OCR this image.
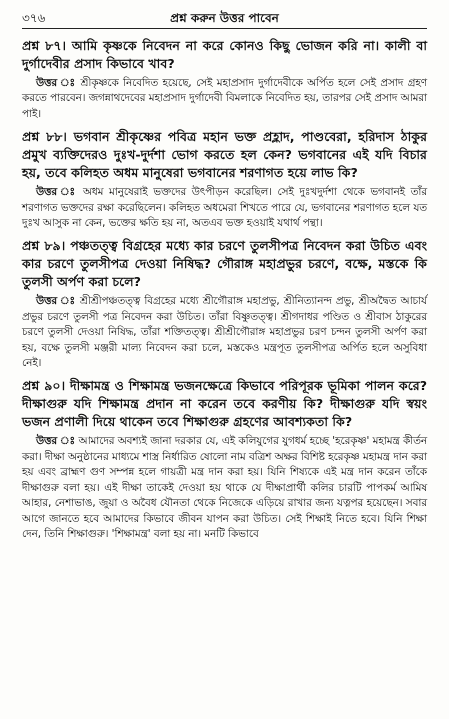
৩৭৬	প্রশ্ন করুন উত্তর পাবেন

প্রশ্ন ৮৭। আমি কৃষ্ণকে নিবেদন না করে কোনও কিছু ভোজন করি না। কালী বা দুর্গাদেবীর প্রসাদ কিভাবে খাব?

উত্তর ঃ শ্রীকৃষ্ণকে নিবেদিত হয়েছে, সেই মহাপ্রসাদ দুর্গাদেবীকে অর্পিত হলে সেই প্রসাদ গ্রহণ করতে পারবেন। জগন্নাথদেবের মহাপ্রসাদ দুর্গাদেবী বিমলাকে নিবেদিত হয়, তারপর সেই প্রসাদ আমরা পাই।

প্রশ্ন ৮৮। ভগবান শ্রীকৃষ্ণের পবিত্র মহান ভক্ত প্রহ্লাদ, পাণ্ডবেরা, হরিদাস ঠাকুর প্রমুখ ব্যক্তিদেরও দুঃখ-দুর্দশা ভোগ করতে হল কেন? ভগবানের এই যদি বিচার হয়, তবে কলিহত অধম মানুষেরা ভগবানের শরণাগত হয়ে লাভ কি?

উত্তর ঃ অধম মানুষেরাই ভক্তদের উৎপীড়ন করেছিল। সেই দুঃখদুর্দশা থেকে ভগবানই তাঁর শরণাগত ভক্তদের রক্ষা করেছিলেন। কলিহত অধমেরা শিখতে পারে যে, ভগবানের শরণাগত হলে যত দুঃখ আসুক না কেন, ভক্তের ক্ষতি হয় না, অতএব ভক্ত হওয়াই যথার্থ পন্থা।

প্রশ্ন ৮৯। পঞ্চতত্ত্ব বিগ্রহের মধ্যে কার চরণে তুলসীপত্র নিবেদন করা উচিত এবং কার চরণে তুলসীপত্র দেওয়া নিষিদ্ধ? গৌরাঙ্গ মহাপ্রভুর চরণে, বক্ষে, মস্তকে কি তুলসী অর্পণ করা চলে?

উত্তর ঃ শ্রীশ্রীপঞ্চতত্ত্ব বিগ্রহের মধ্যে শ্রীগৌরাঙ্গ মহাপ্রভু, শ্রীনিত্যানন্দ প্রভু, শ্রীঅদ্বৈত আচার্য প্রভুর চরণে তুলসী পত্র নিবেদন করা উচিত। তাঁরা বিষ্ণুতত্ত্ব। শ্রীগদাধর পণ্ডিত ও শ্রীবাস ঠাকুরের চরণে তুলসী দেওয়া নিষিদ্ধ, তাঁরা শক্তিতত্ত্ব। শ্রীশ্রীগৌরাঙ্গ মহাপ্রভুর চরণ চন্দন তুলসী অর্পণ করা হয়, বক্ষে তুলসী মঞ্জরী মাল্য নিবেদন করা চলে, মস্তকেও মন্ত্রপূত তুলসীপত্র অর্পিত হলে অসুবিধা নেই।

প্রশ্ন ৯০। দীক্ষামন্ত্র ও শিক্ষামন্ত্র ভজনক্ষেত্রে কিভাবে পরিপূরক ভূমিকা পালন করে? দীক্ষাগুরু যদি শিক্ষামন্ত্র প্রদান না করেন তবে করণীয় কি? দীক্ষাগুরু যদি স্বয়ং ভজন প্রণালী দিয়ে থাকেন তবে শিক্ষাগুরু গ্রহণের আবশ্যকতা কি?

উত্তর ঃ আমাদের অবশ্যই জানা দরকার যে, এই কলিযুগের যুগধর্ম হচ্ছে 'হরেকৃষ্ণ' মহামন্ত্র কীর্তন করা। দীক্ষা অনুষ্ঠানের মাধ্যমে শাস্ত্র নির্ধারিত ষোলো নাম বত্রিশ অক্ষর বিশিষ্ট হরেকৃষ্ণ মহামন্ত্র দান করা হয় এবং ব্রাহ্মণ গুণ সম্পন্ন হলে গায়ত্রী মন্ত্র দান করা হয়। যিনি শিষ্যকে এই মন্ত্র দান করেন তাঁকে দীক্ষাগুরু বলা হয়। এই দীক্ষা তাকেই দেওয়া হয় থাকে যে দীক্ষাপ্রার্থী কলির চারটি পাপকর্ম আমিষ আহার, নেশাভাঙ, জুয়া ও অবৈধ যৌনতা থেকে নিজেকে এড়িয়ে রাখার জন্য যত্নপর হয়েছেন। সবার আগে জানতে হবে আমাদের কিভাবে জীবন যাপন করা উচিত। সেই শিক্ষাই নিতে হবে। যিনি শিক্ষা দেন, তিনি শিক্ষাগুরু। 'শিক্ষামন্ত্র' বলা হয় না। মনটি কিভাবে
